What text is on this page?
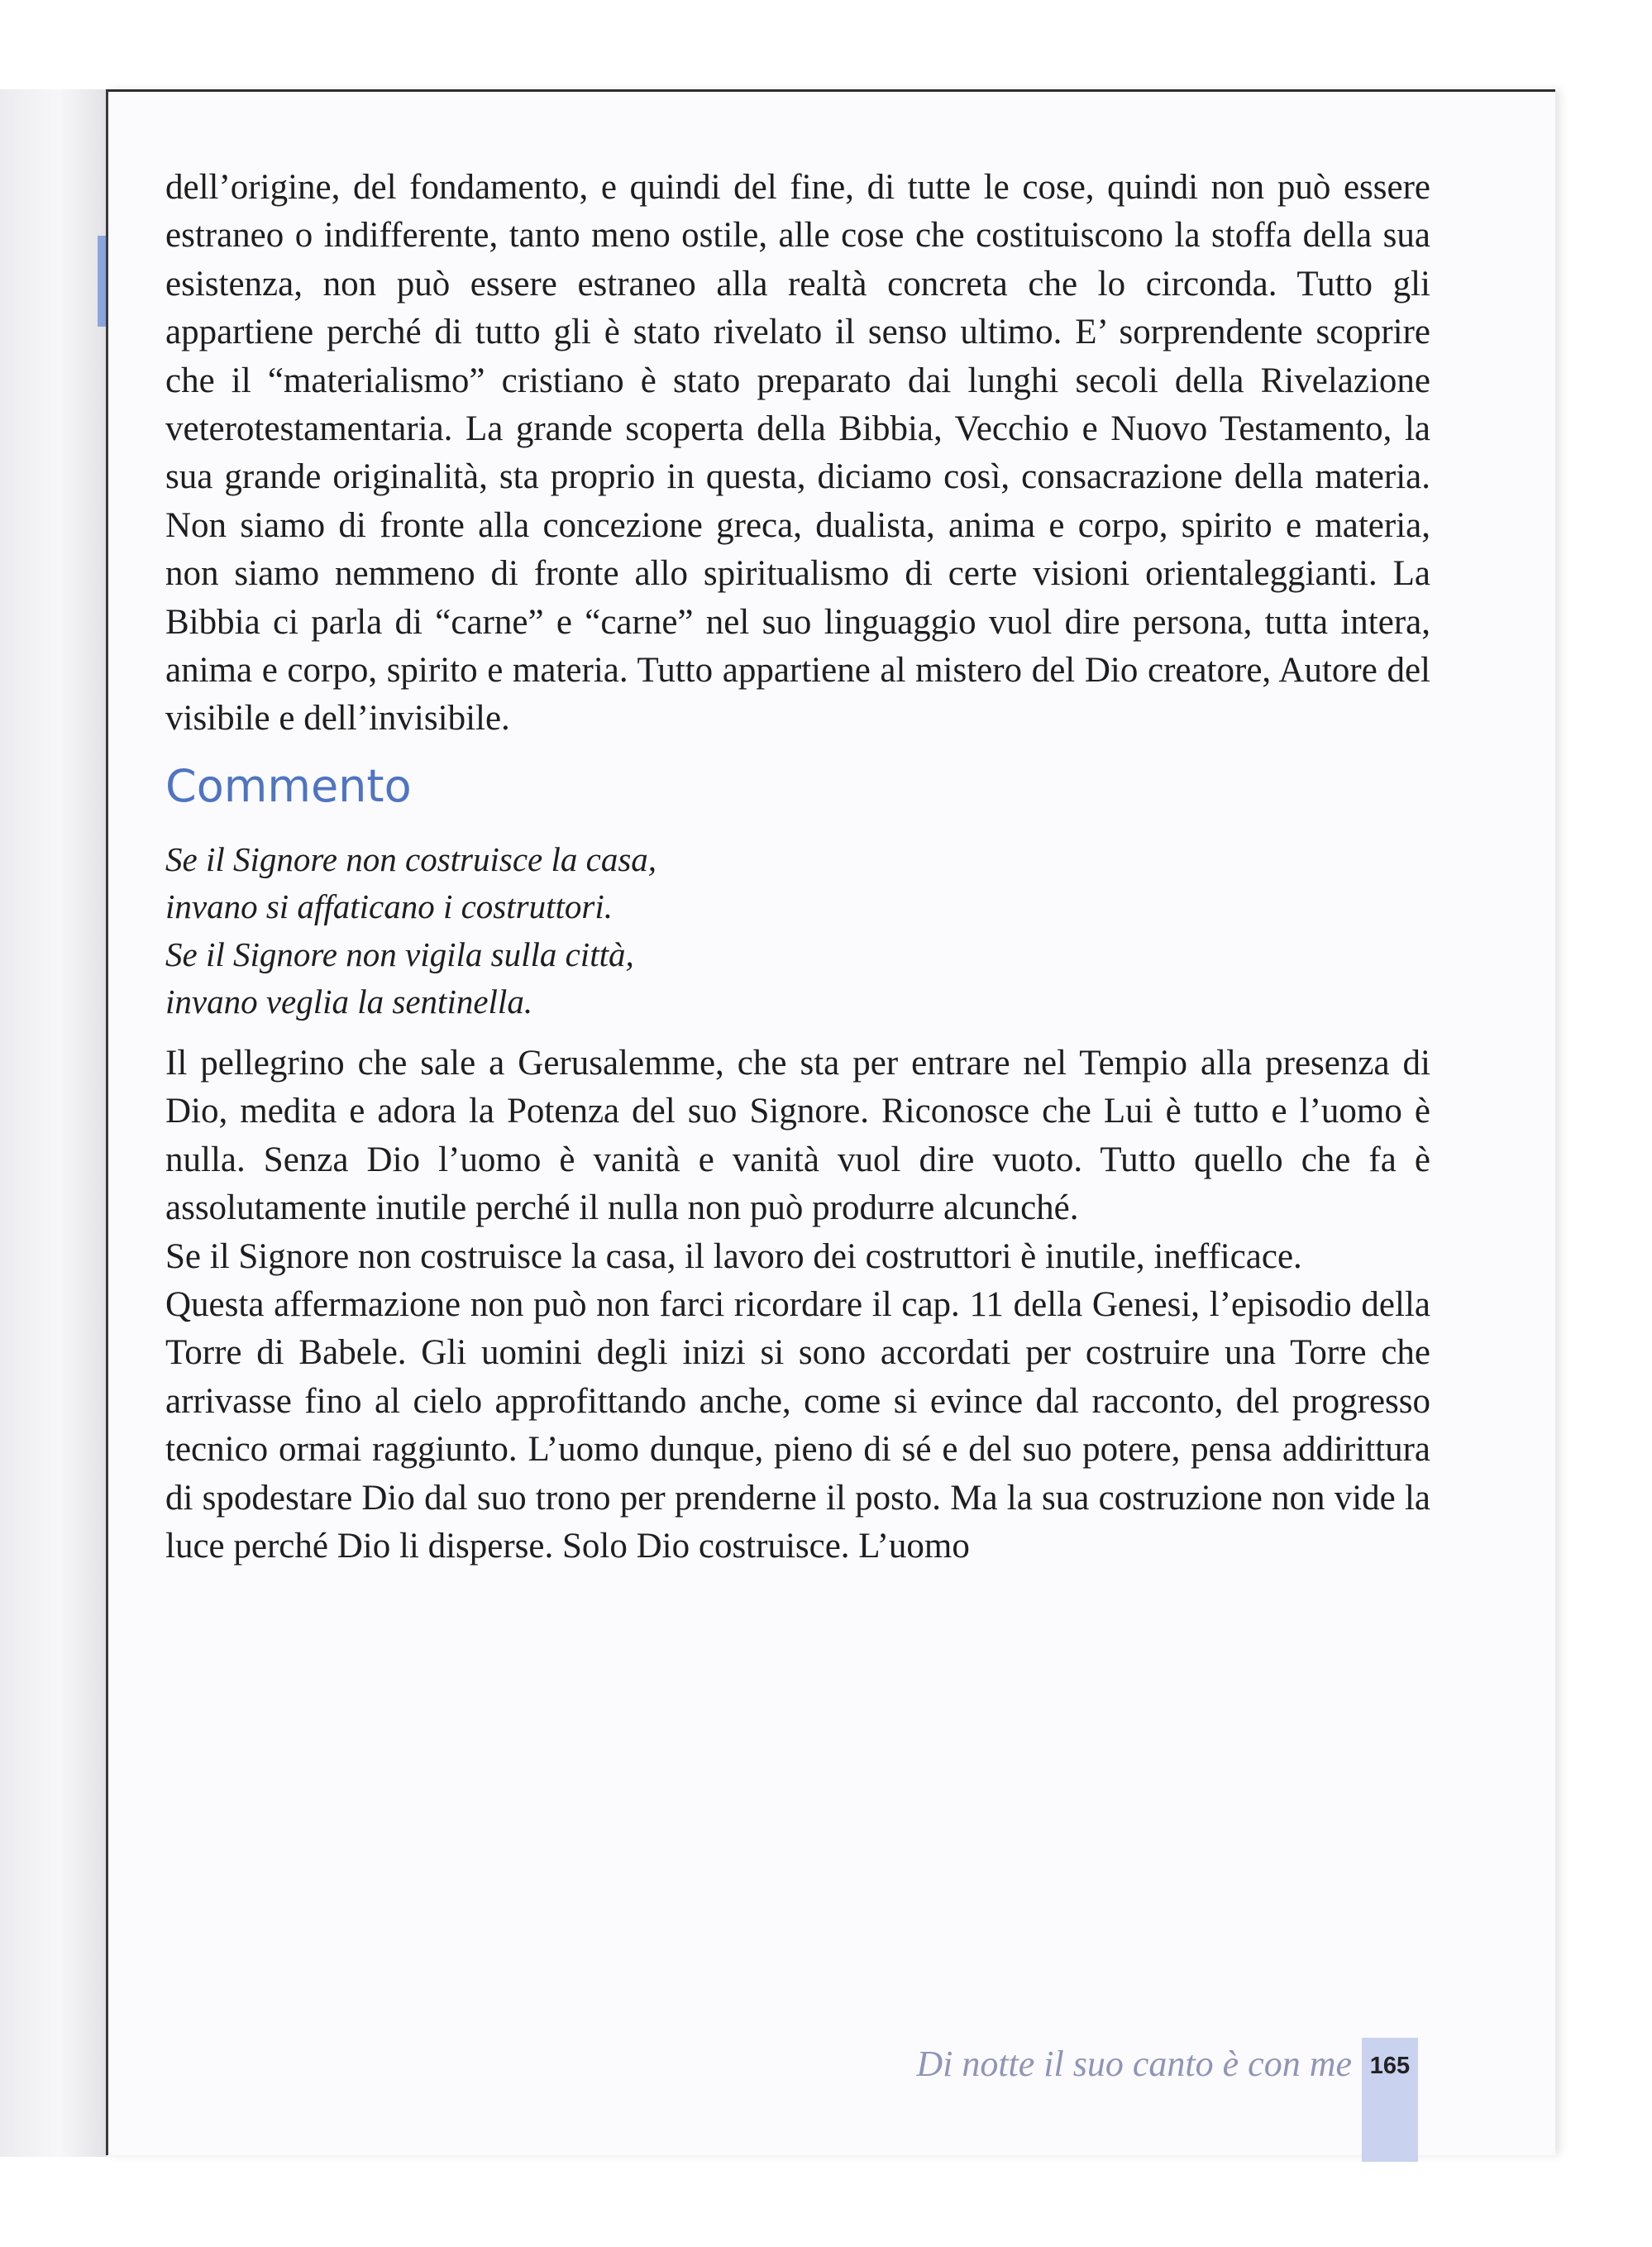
dell’origine, del fondamento, e quindi del fine, di tutte le cose, quindi non può essere estraneo o indifferente, tanto meno ostile, alle cose che costituiscono la stoffa della sua esistenza, non può essere estraneo alla realtà concreta che lo circonda. Tutto gli appartiene perché di tutto gli è stato rivelato il senso ultimo. E’ sorprendente scoprire che il “materialismo” cristiano è stato preparato dai lunghi secoli della Rivelazione veterotestamentaria. La grande scoperta della Bibbia, Vecchio e Nuovo Testamento, la sua grande originalità, sta proprio in questa, diciamo così, consacrazione della materia. Non siamo di fronte alla concezione greca, dualista, anima e corpo, spirito e materia, non siamo nemmeno di fronte allo spiritualismo di certe visioni orientaleggianti. La Bibbia ci parla di “carne” e “carne” nel suo linguaggio vuol dire persona, tutta intera, anima e corpo, spirito e materia. Tutto appartiene al mistero del Dio creatore, Autore del visibile e dell’invisibile.

Commento
Se il Signore non costruisce la casa,
invano si affaticano i costruttori.
Se il Signore non vigila sulla città,
invano veglia la sentinella.

Il pellegrino che sale a Gerusalemme, che sta per entrare nel Tempio alla presenza di Dio, medita e adora la Potenza del suo Signore. Riconosce che Lui è tutto e l’uomo è nulla. Senza Dio l’uomo è vanità e vanità vuol dire vuoto. Tutto quello che fa è assolutamente inutile perché il nulla non può produrre alcunché.

Se il Signore non costruisce la casa, il lavoro dei costruttori è inutile, inefficace.

Questa affermazione non può non farci ricordare il cap. 11 della Genesi, l’episodio della Torre di Babele. Gli uomini degli inizi si sono accordati per costruire una Torre che arrivasse fino al cielo approfittando anche, come si evince dal racconto, del progresso tecnico ormai raggiunto. L’uomo dunque, pieno di sé e del suo potere, pensa addirittura di spodestare Dio dal suo trono per prenderne il posto. Ma la sua costruzione non vide la luce perché Dio li disperse. Solo Dio costruisce. L’uomo

Di notte il suo canto è con me 165
